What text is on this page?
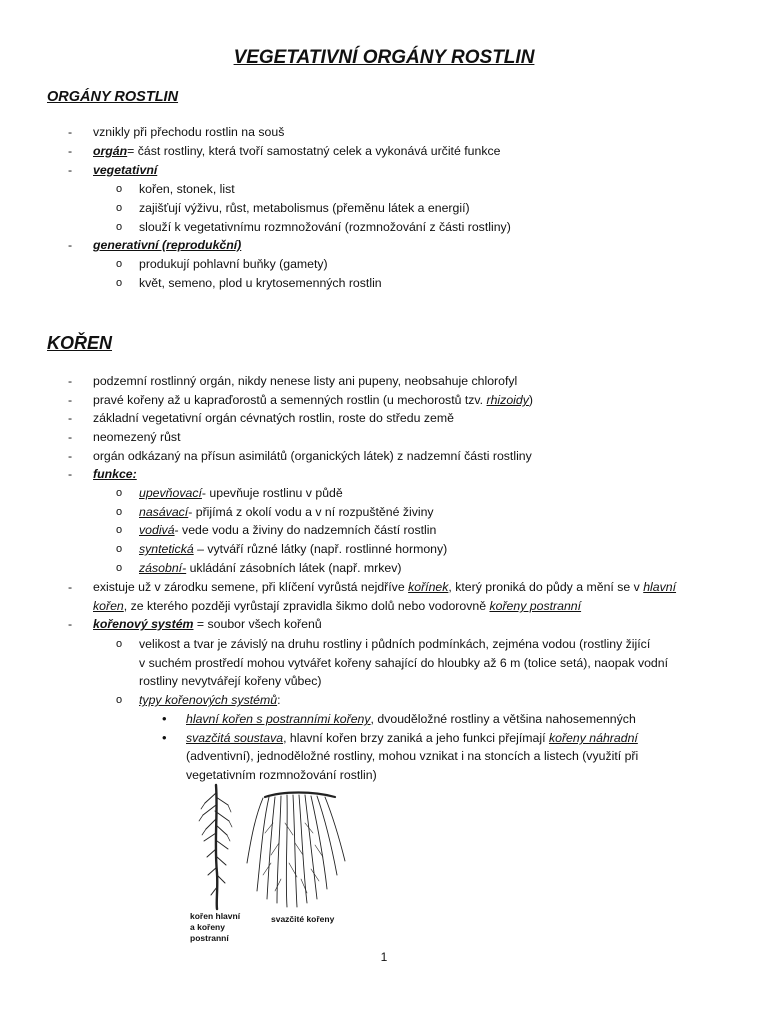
VEGETATIVNÍ ORGÁNY ROSTLIN
ORGÁNY ROSTLIN
- vznikly při přechodu rostlin na souš
- orgán= část rostliny, která tvoří samostatný celek a vykonává určité funkce
- vegetativní
o kořen, stonek, list
o zajišťují výživu, růst, metabolismus (přeměnu látek a energií)
o slouží k vegetativnímu rozmnožování (rozmnožování z části rostliny)
- generativní (reprodukční)
o produkují pohlavní buňky (gamety)
o květ, semeno, plod u krytosemenných rostlin
KOŘEN
- podzemní rostlinný orgán, nikdy nenese listy ani pupeny, neobsahuje chlorofyl
- pravé kořeny až u kapraďorostů a semenných rostlin (u mechorostů tzv. rhizoidy)
- základní vegetativní orgán cévnatých rostlin, roste do středu země
- neomezený růst
- orgán odkázaný na přísun asimilátů (organických látek) z nadzemní části rostliny
- funkce:
o upevňovací- upevňuje rostlinu v půdě
o nasávací- přijímá z okolí vodu a v ní rozpuštěné živiny
o vodivá- vede vodu a živiny do nadzemních částí rostlin
o syntetická – vytváří různé látky (např. rostlinné hormony)
o zásobní- ukládání zásobních látek (např. mrkev)
- existuje už v zárodku semene, při klíčení vyrůstá nejdříve kořínek, který proniká do půdy a mění se v hlavní
kořen, ze kterého později vyrůstají zpravidla šikmo dolů nebo vodorovně kořeny postranní
- kořenový systém = soubor všech kořenů
o velikost a tvar je závislý na druhu rostliny i půdních podmínkách, zejména vodou (rostliny žijící
v suchém prostředí mohou vytvářet kořeny sahající do hloubky až 6 m (tolice setá), naopak vodní
rostliny nevytvářejí kořeny vůbec)
o typy kořenových systémů:
• hlavní kořen s postranními kořeny, dvouděložné rostliny a většina nahosemenných
• svazčitá soustava, hlavní kořen brzy zaniká a jeho funkci přejímají kořeny náhradní
(adventivní), jednoděložné rostliny, mohou vznikat i na stoncích a listech (využití při
vegetativním rozmnožování rostlin)
kořen hlavní
a kořeny
postranní
svazčité kořeny
1
